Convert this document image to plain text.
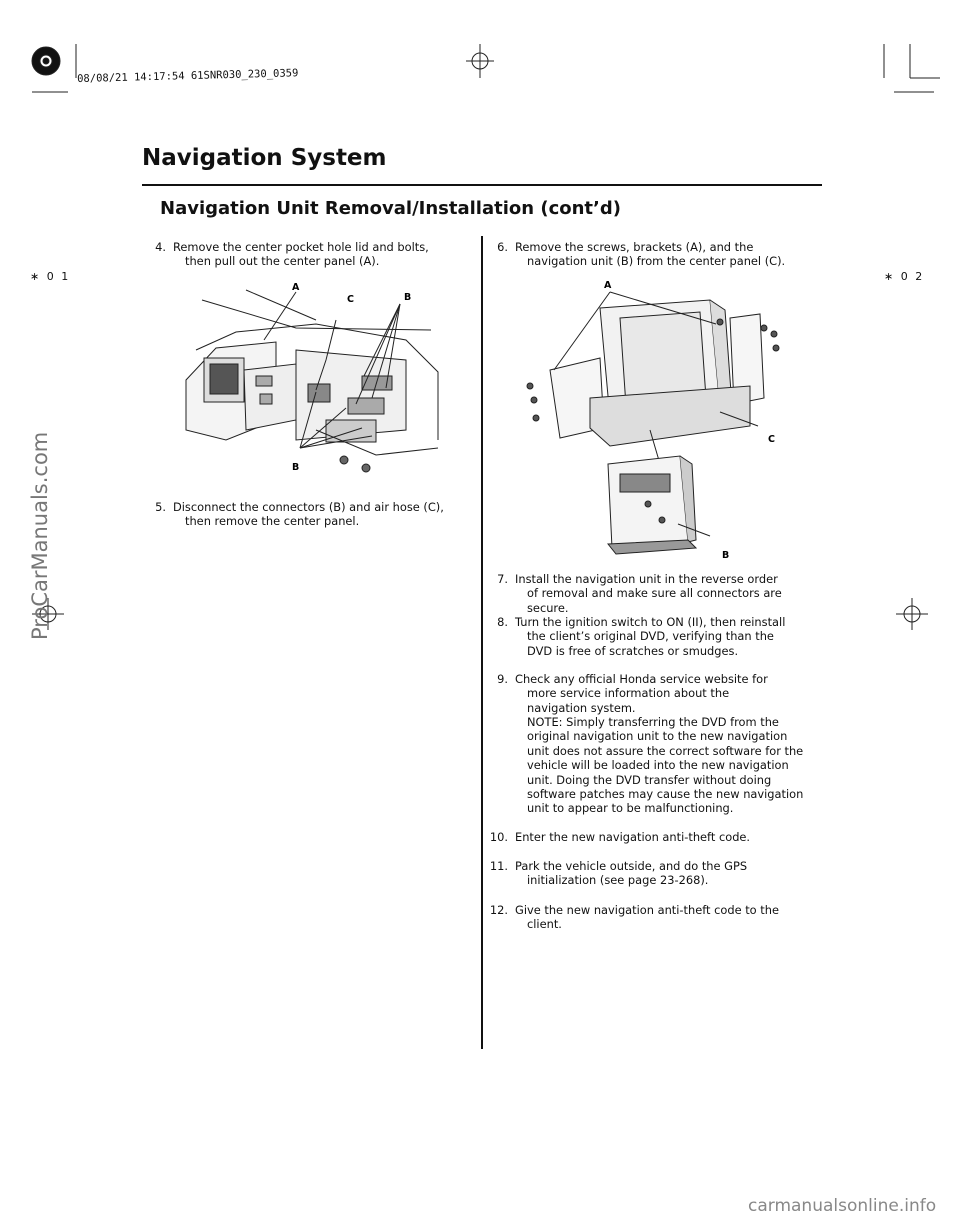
08/08/21 14:17:54 61SNR030_230_0359
Navigation System
Navigation Unit Removal/Installation (cont’d)
∗ 0 1	∗ 0 2
ProCarManuals.com
4. Remove the center pocket hole lid and bolts, then pull out the center panel (A).
A
C	B
B
5. Disconnect the connectors (B) and air hose (C), then remove the center panel.
6. Remove the screws, brackets (A), and the navigation unit (B) from the center panel (C).
A
C
B
7. Install the navigation unit in the reverse order of removal and make sure all connectors are secure.
8. Turn the ignition switch to ON (II), then reinstall the client’s original DVD, verifying than the DVD is free of scratches or smudges.
9. Check any official Honda service website for more service information about the navigation system.
NOTE: Simply transferring the DVD from the original navigation unit to the new navigation unit does not assure the correct software for the vehicle will be loaded into the new navigation unit. Doing the DVD transfer without doing software patches may cause the new navigation unit to appear to be malfunctioning.
10. Enter the new navigation anti-theft code.
11. Park the vehicle outside, and do the GPS initialization (see page 23-268).
12. Give the new navigation anti-theft code to the client.
carmanualsonline.info
